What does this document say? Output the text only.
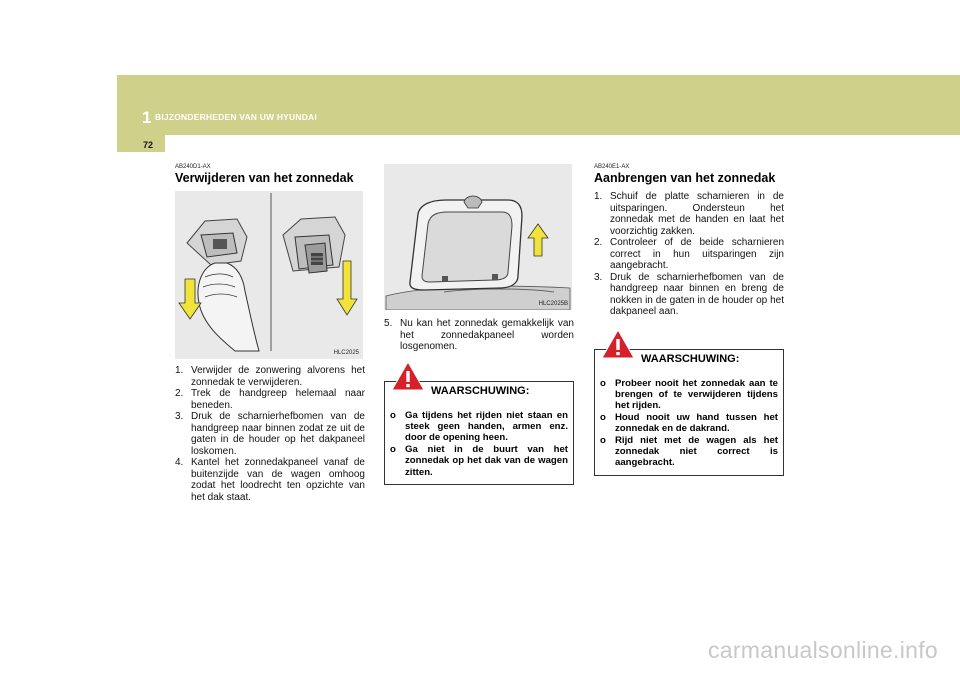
1 BIJZONDERHEDEN VAN UW HYUNDAI
72
AB240D1-AX
Verwijderen van het zonnedak
HLC2025
1. Verwijder de zonwering alvorens het zonnedak te verwijderen.
2. Trek de handgreep helemaal naar beneden.
3. Druk de scharnierhefbomen van de handgreep naar binnen zodat ze uit de gaten in de houder op het dakpaneel loskomen.
4. Kantel het zonnedakpaneel vanaf de buitenzijde van de wagen omhoog zodat het loodrecht ten opzichte van het dak staat.
HLC2025B
5. Nu kan het zonnedak gemakkelijk van het zonnedakpaneel worden losgenomen.
WAARSCHUWING:
o Ga tijdens het rijden niet staan en steek geen handen, armen enz. door de opening heen.
o Ga niet in de buurt van het zonnedak op het dak van de wagen zitten.
AB240E1-AX
Aanbrengen van het zonnedak
1. Schuif de platte scharnieren in de uitsparingen. Ondersteun het zonnedak met de handen en laat het voorzichtig zakken.
2. Controleer of de beide scharnieren correct in hun uitsparingen zijn aangebracht.
3. Druk de scharnierhefbomen van de handgreep naar binnen en breng de nokken in de gaten in de houder op het dakpaneel aan.
WAARSCHUWING:
o Probeer nooit het zonnedak aan te brengen of te verwijderen tijdens het rijden.
o Houd nooit uw hand tussen het zonnedak en de dakrand.
o Rijd niet met de wagen als het zonnedak niet correct is aangebracht.
carmanualsonline.info
